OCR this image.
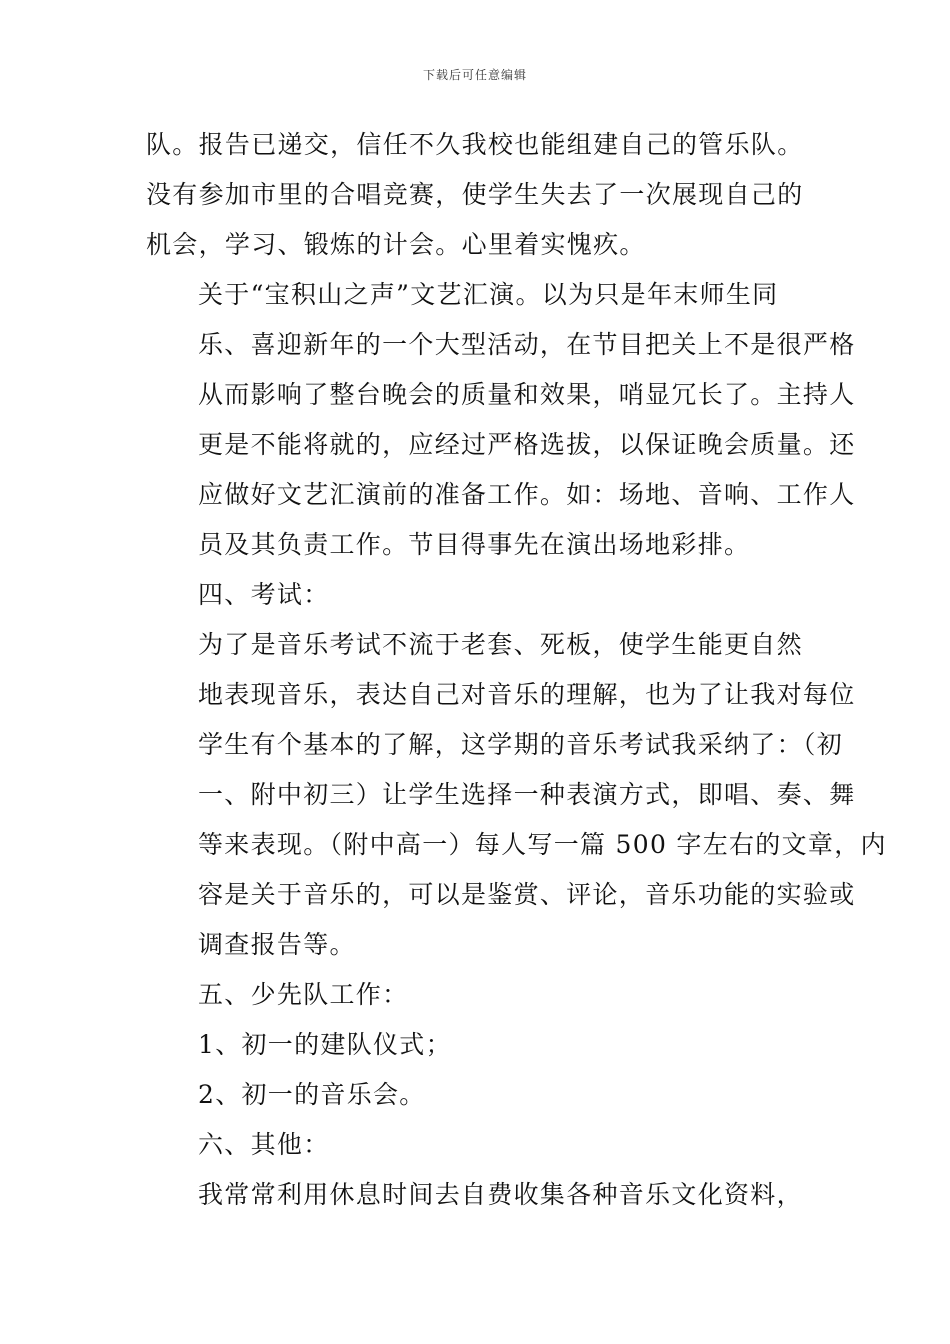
下载后可任意编辑

队。报告已递交，信任不久我校也能组建自己的管乐队。
没有参加市里的合唱竞赛，使学生失去了一次展现自己的
机会，学习、锻炼的计会。心里着实愧疚。

关于“宝积山之声”文艺汇演。以为只是年末师生同
乐、喜迎新年的一个大型活动，在节目把关上不是很严格
从而影响了整台晚会的质量和效果，哨显冗长了。主持人
更是不能将就的，应经过严格选拔，以保证晚会质量。还
应做好文艺汇演前的准备工作。如：场地、音响、工作人
员及其负责工作。节目得事先在演出场地彩排。

四、考试：

为了是音乐考试不流于老套、死板，使学生能更自然
地表现音乐，表达自己对音乐的理解，也为了让我对每位
学生有个基本的了解，这学期的音乐考试我采纳了：（初
一、附中初三）让学生选择一种表演方式，即唱、奏、舞
等来表现。（附中高一）每人写一篇 500 字左右的文章，内
容是关于音乐的，可以是鉴赏、评论，音乐功能的实验或
调查报告等。

五、少先队工作：

1、初一的建队仪式；

2、初一的音乐会。

六、其他：

我常常利用休息时间去自费收集各种音乐文化资料，
